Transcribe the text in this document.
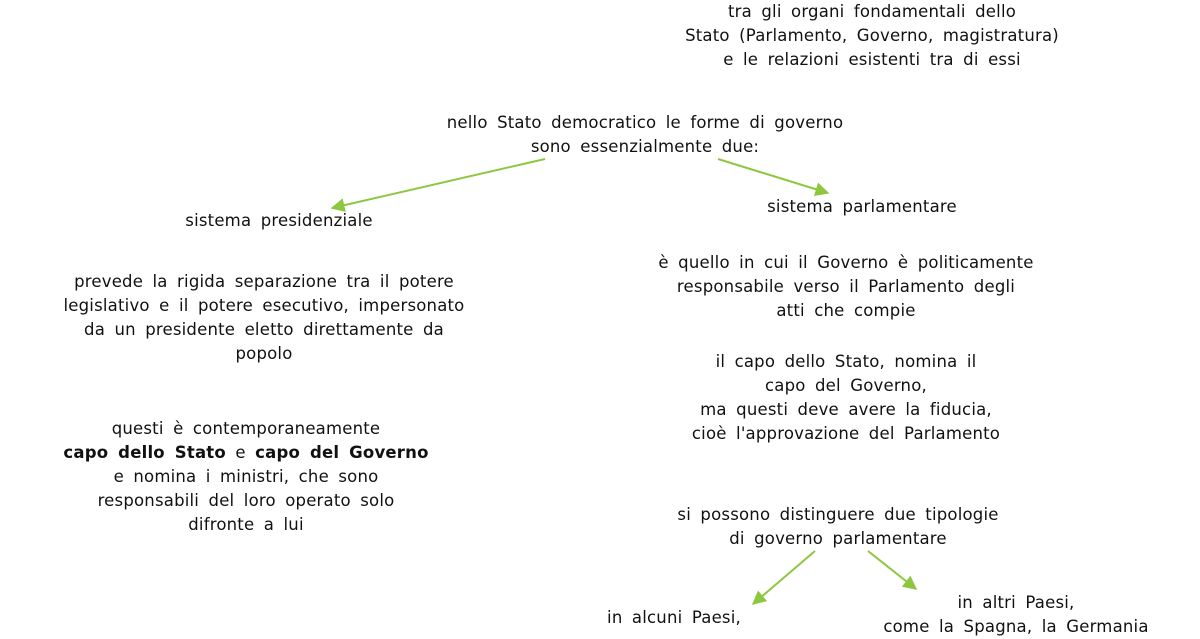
tra gli organi fondamentali dello
Stato (Parlamento, Governo, magistratura)
e le relazioni esistenti tra di essi
nello Stato democratico le forme di governo
sono essenzialmente due:
sistema presidenziale
sistema parlamentare
prevede la rigida separazione tra il potere
legislativo e il potere esecutivo, impersonato
da un presidente eletto direttamente da
popolo
questi è contemporaneamente
capo dello Stato e capo del Governo
e nomina i ministri, che sono
responsabili del loro operato solo
difronte a lui
è quello in cui il Governo è politicamente
responsabile verso il Parlamento degli
atti che compie
il capo dello Stato, nomina il
capo del Governo,
ma questi deve avere la fiducia,
cioè l'approvazione del Parlamento
si possono distinguere due tipologie
di governo parlamentare
in alcuni Paesi,
in altri Paesi,
come la Spagna, la Germania
